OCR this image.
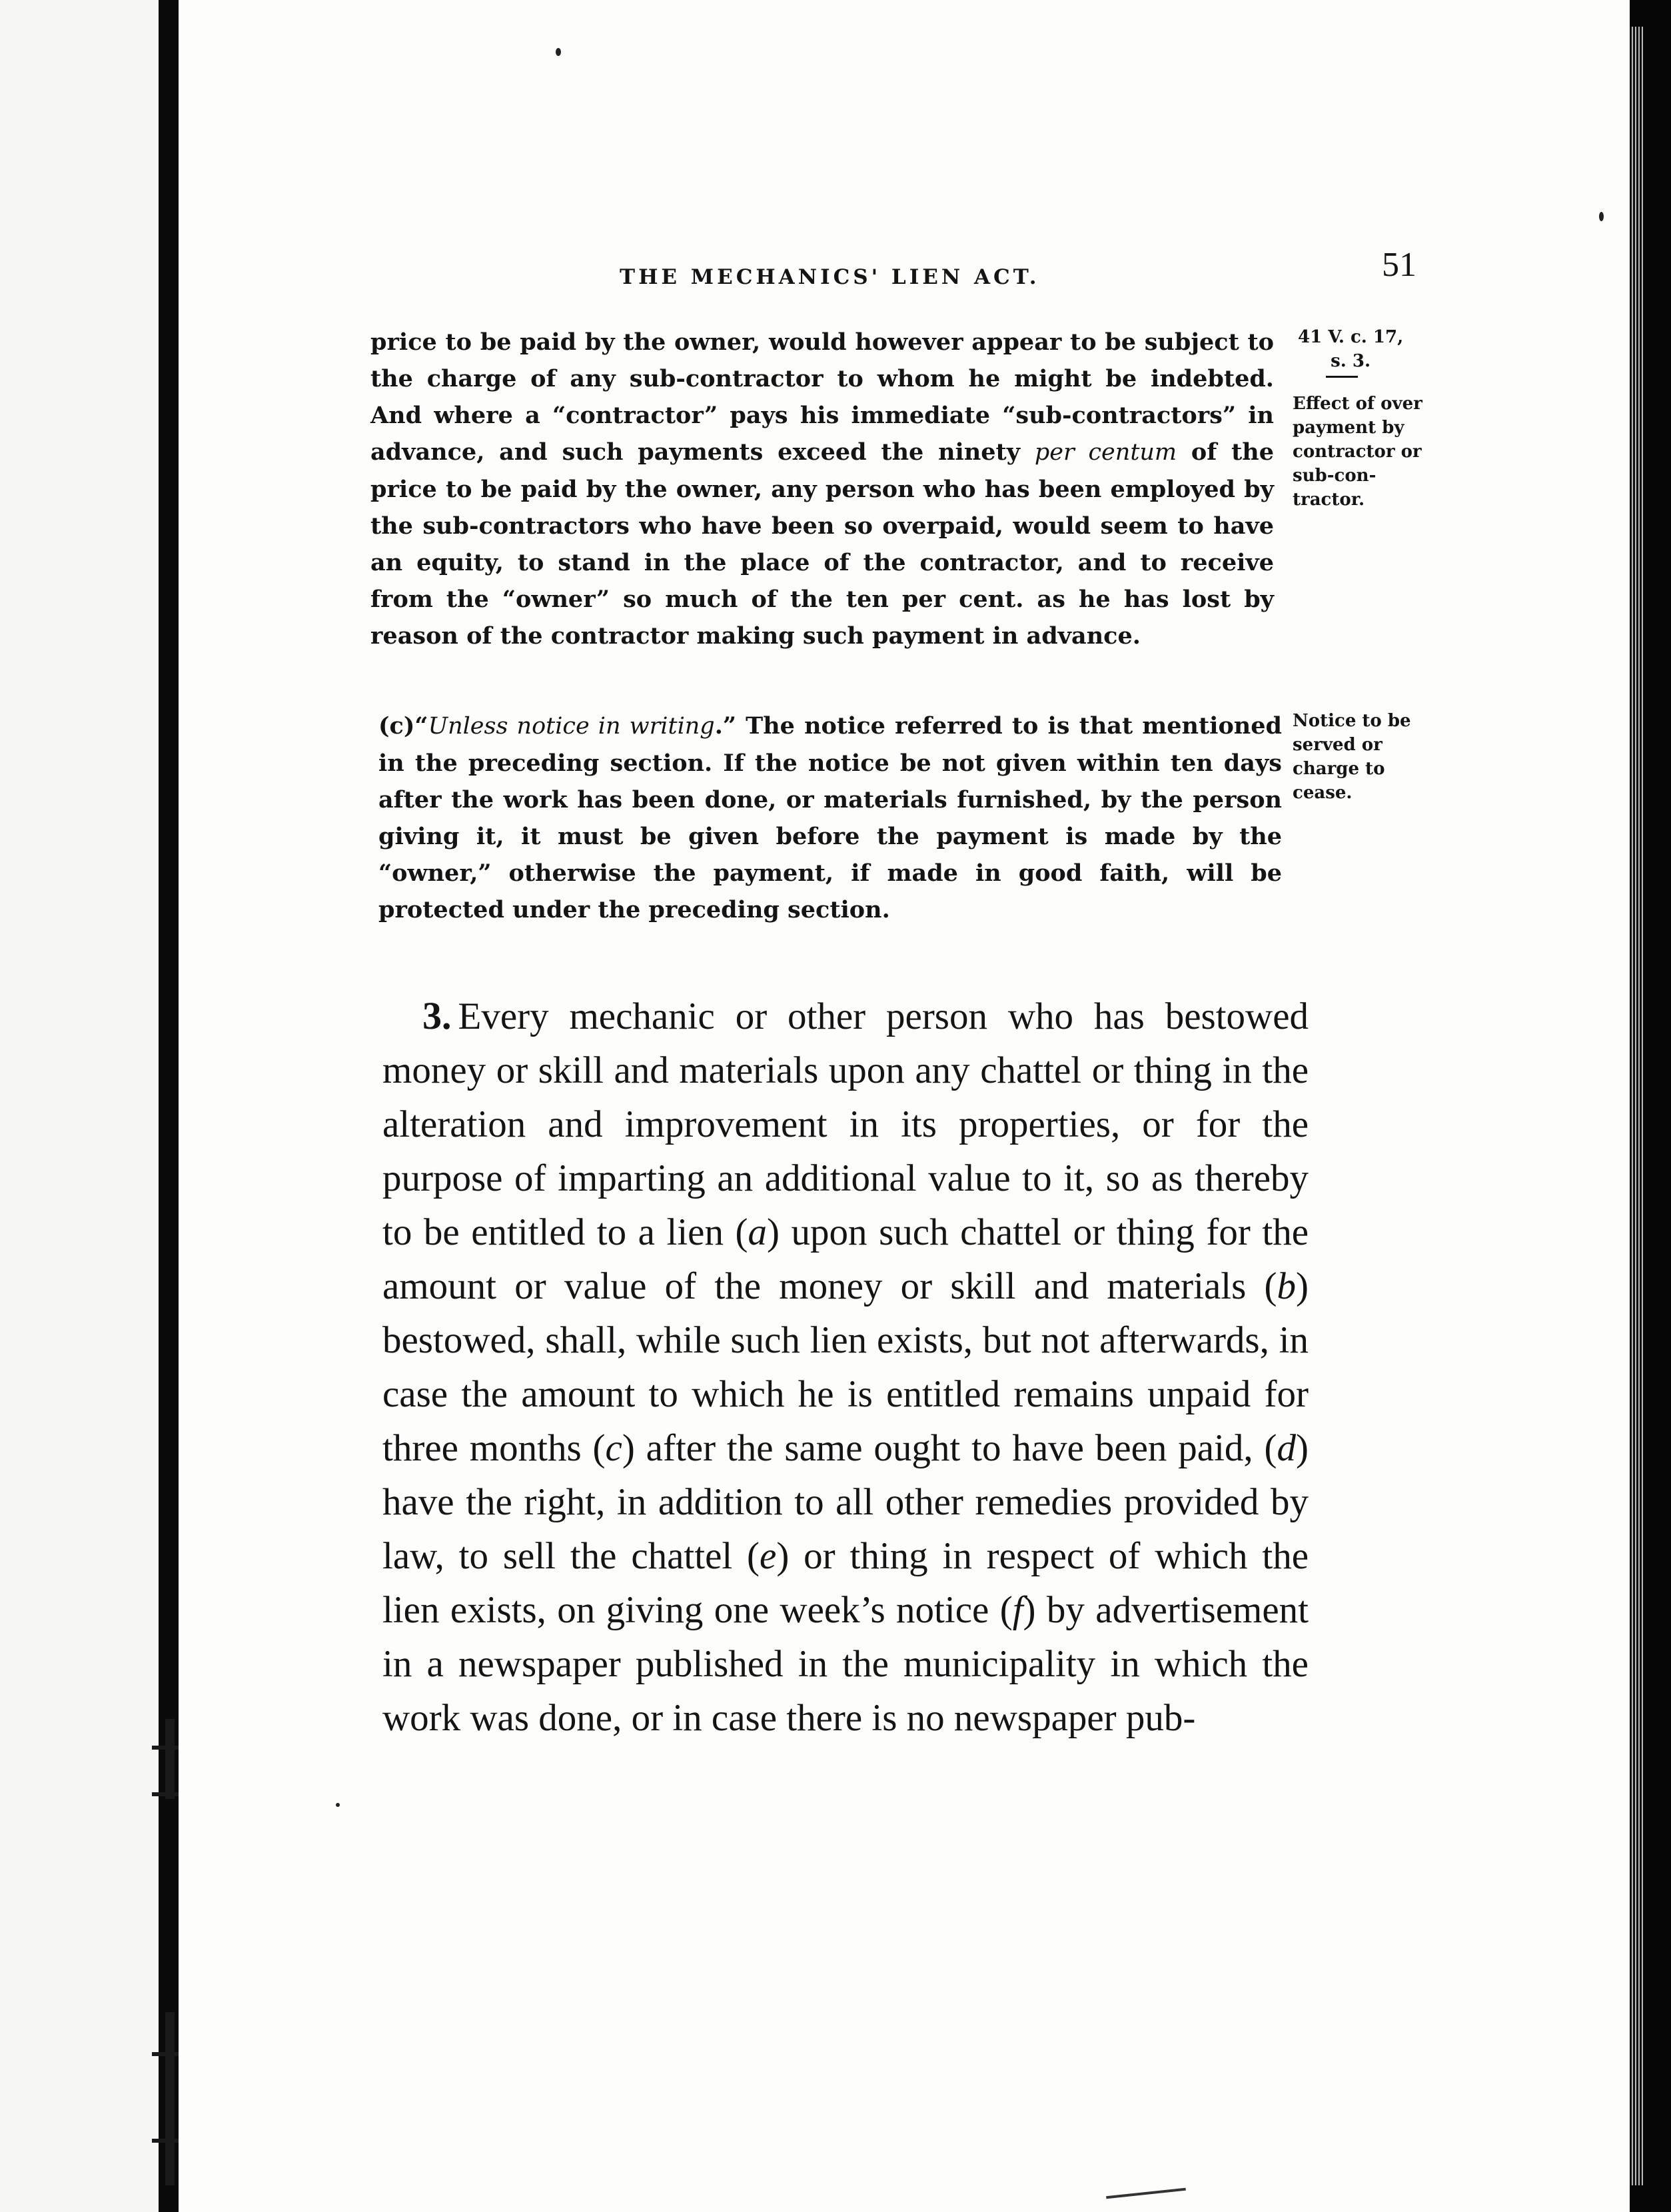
THE MECHANICS' LIEN ACT.	51
price to be paid by the owner, would however appear to be subject to the charge of any sub-contractor to whom he might be indebted. And where a “contractor” pays his immediate “sub-contractors” in advance, and such payments exceed the ninety per centum of the price to be paid by the owner, any person who has been employed by the sub-contractors who have been so overpaid, would seem to have an equity, to stand in the place of the contractor, and to receive from the “owner” so much of the ten per cent. as he has lost by reason of the contractor making such payment in advance.
(c)“Unless notice in writing.” The notice referred to is that mentioned in the preceding section. If the notice be not given within ten days after the work has been done, or materials furnished, by the person giving it, it must be given before the payment is made by the “owner,” otherwise the payment, if made in good faith, will be protected under the preceding section.
41 V. c. 17,
s. 3.
Effect of over
payment by
contractor or
sub-con-
tractor.
Notice to be
served or
charge to
cease.
3. Every mechanic or other person who has bestowed money or skill and materials upon any chattel or thing in the alteration and improvement in its properties, or for the purpose of imparting an additional value to it, so as thereby to be entitled to a lien (a) upon such chattel or thing for the amount or value of the money or skill and materials (b) bestowed, shall, while such lien exists, but not afterwards, in case the amount to which he is entitled remains unpaid for three months (c) after the same ought to have been paid, (d) have the right, in addition to all other remedies provided by law, to sell the chattel (e) or thing in respect of which the lien exists, on giving one week’s notice (f) by advertisement in a newspaper published in the municipality in which the work was done, or in case there is no newspaper pub-
